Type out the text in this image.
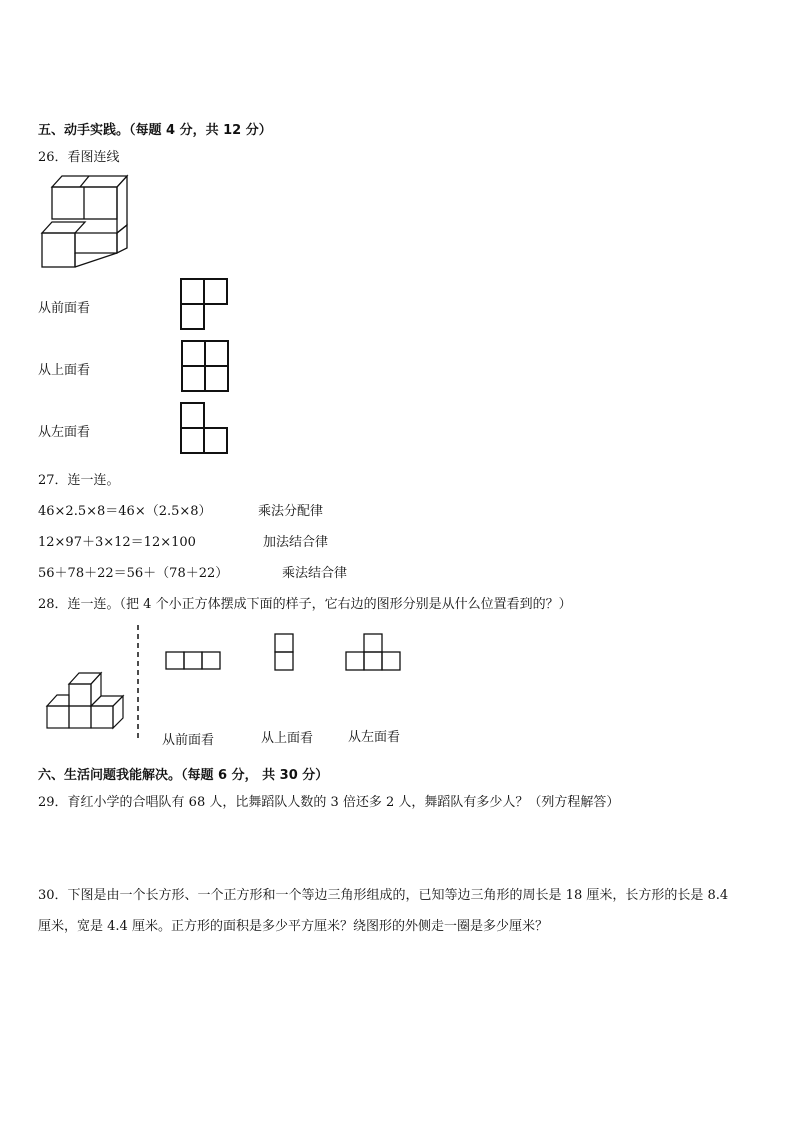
五、动手实践。（每题 4 分，共 12 分）
26．看图连线
从前面看
从上面看
从左面看
27．连一连。
46×2.5×8＝46×（2.5×8）
12×97＋3×12＝12×100
56＋78＋22＝56＋（78＋22）
乘法分配律
加法结合律
乘法结合律
28．连一连。（把 4 个小正方体摆成下面的样子，它右边的图形分别是从什么位置看到的？）
从前面看	从上面看	从左面看
六、生活问题我能解决。（每题 6 分， 共 30 分）
29．育红小学的合唱队有 68 人，比舞蹈队人数的 3 倍还多 2 人，舞蹈队有多少人？（列方程解答）
30．下图是由一个长方形、一个正方形和一个等边三角形组成的，已知等边三角形的周长是 18 厘米，长方形的长是 8.4
厘米，宽是 4.4 厘米。正方形的面积是多少平方厘米？绕图形的外侧走一圈是多少厘米？
